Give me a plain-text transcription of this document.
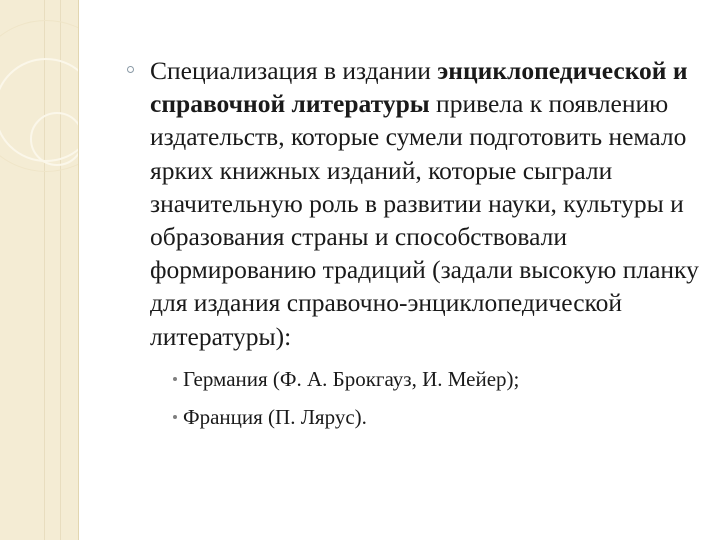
Специализация в издании энциклопедической и справочной литературы привела к появлению издательств, которые сумели подготовить немало ярких книжных изданий, которые сыграли значительную роль в развитии науки, культуры и образования страны и способствовали формированию традиций (задали высокую планку для издания справочно-энциклопедической литературы):

Германия (Ф. А. Брокгауз, И. Мейер);
Франция (П. Лярус).
